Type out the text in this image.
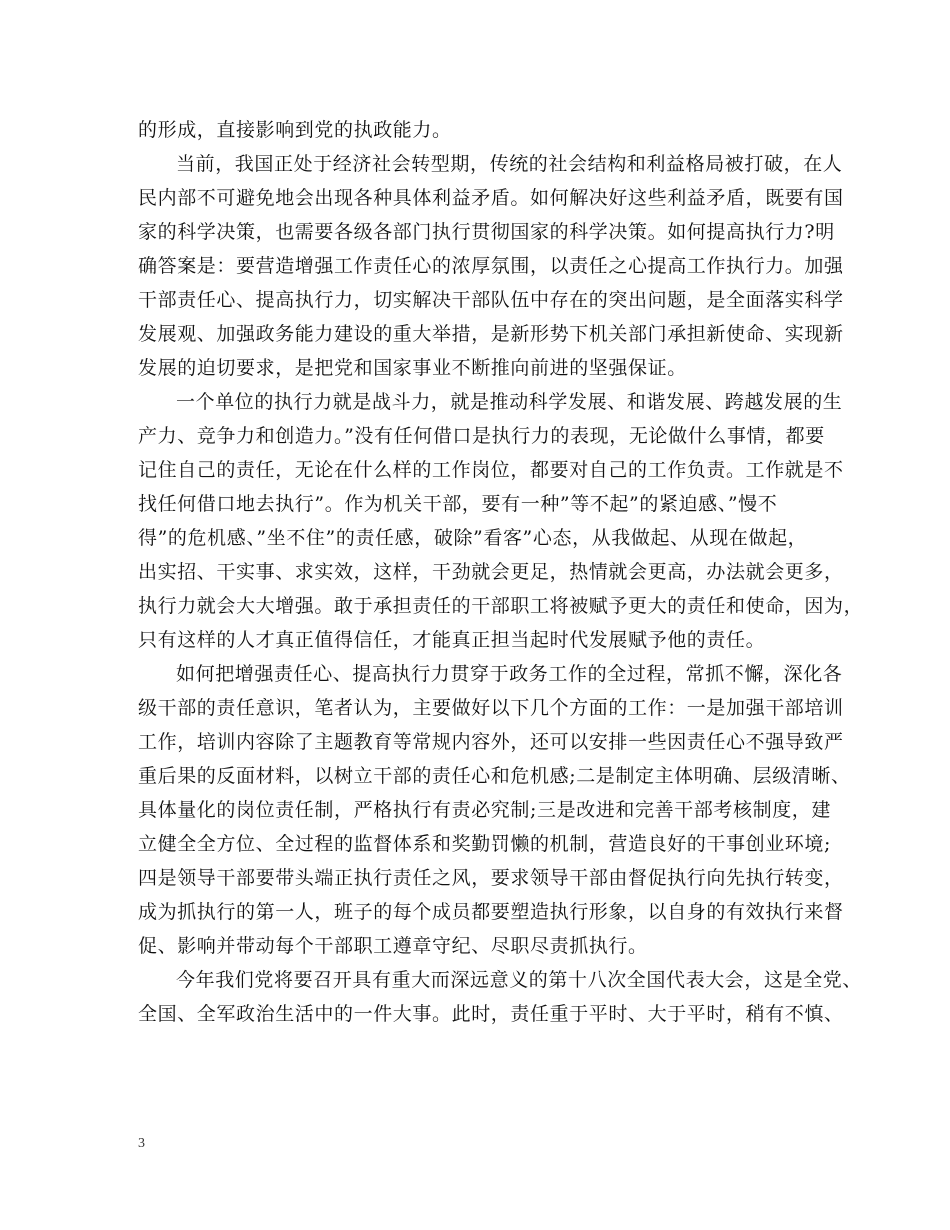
的形成，直接影响到党的执政能力。
当前，我国正处于经济社会转型期，传统的社会结构和利益格局被打破，在人
民内部不可避免地会出现各种具体利益矛盾。如何解决好这些利益矛盾，既要有国
家的科学决策，也需要各级各部门执行贯彻国家的科学决策。如何提高执行力?明
确答案是：要营造增强工作责任心的浓厚氛围，以责任之心提高工作执行力。加强
干部责任心、提高执行力，切实解决干部队伍中存在的突出问题，是全面落实科学
发展观、加强政务能力建设的重大举措，是新形势下机关部门承担新使命、实现新
发展的迫切要求，是把党和国家事业不断推向前进的坚强保证。
一个单位的执行力就是战斗力，就是推动科学发展、和谐发展、跨越发展的生
产力、竞争力和创造力。”没有任何借口是执行力的表现，无论做什么事情，都要
记住自己的责任，无论在什么样的工作岗位，都要对自己的工作负责。工作就是不
找任何借口地去执行”。作为机关干部，要有一种”等不起”的紧迫感、”慢不
得”的危机感、”坐不住”的责任感，破除”看客”心态，从我做起、从现在做起，
出实招、干实事、求实效，这样，干劲就会更足，热情就会更高，办法就会更多，
执行力就会大大增强。敢于承担责任的干部职工将被赋予更大的责任和使命，因为，
只有这样的人才真正值得信任，才能真正担当起时代发展赋予他的责任。
如何把增强责任心、提高执行力贯穿于政务工作的全过程，常抓不懈，深化各
级干部的责任意识，笔者认为，主要做好以下几个方面的工作：一是加强干部培训
工作，培训内容除了主题教育等常规内容外，还可以安排一些因责任心不强导致严
重后果的反面材料，以树立干部的责任心和危机感;二是制定主体明确、层级清晰、
具体量化的岗位责任制，严格执行有责必究制;三是改进和完善干部考核制度，建
立健全全方位、全过程的监督体系和奖勤罚懒的机制，营造良好的干事创业环境;
四是领导干部要带头端正执行责任之风，要求领导干部由督促执行向先执行转变，
成为抓执行的第一人，班子的每个成员都要塑造执行形象，以自身的有效执行来督
促、影响并带动每个干部职工遵章守纪、尽职尽责抓执行。
今年我们党将要召开具有重大而深远意义的第十八次全国代表大会，这是全党、
全国、全军政治生活中的一件大事。此时，责任重于平时、大于平时，稍有不慎、
3
